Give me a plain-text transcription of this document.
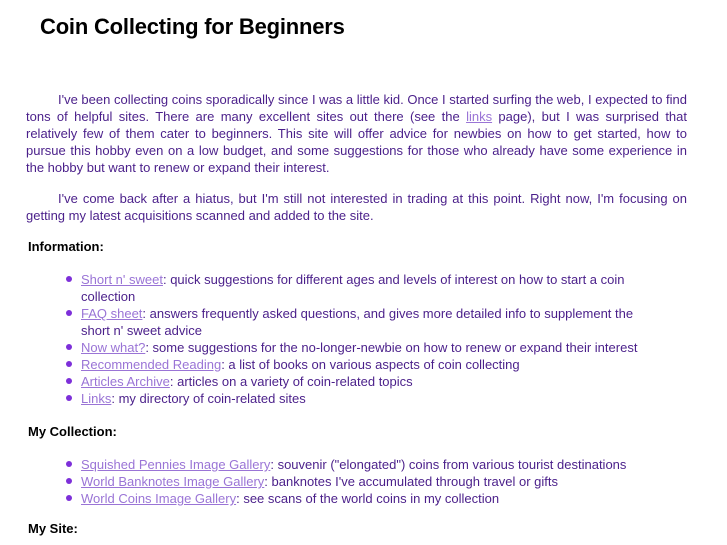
Coin Collecting for Beginners

I've been collecting coins sporadically since I was a little kid. Once I started surfing the web, I expected to find tons of helpful sites. There are many excellent sites out there (see the links page), but I was surprised that relatively few of them cater to beginners. This site will offer advice for newbies on how to get started, how to pursue this hobby even on a low budget, and some suggestions for those who already have some experience in the hobby but want to renew or expand their interest.

I've come back after a hiatus, but I'm still not interested in trading at this point. Right now, I'm focusing on getting my latest acquisitions scanned and added to the site.

Information:
Short n' sweet: quick suggestions for different ages and levels of interest on how to start a coin collection
FAQ sheet: answers frequently asked questions, and gives more detailed info to supplement the short n' sweet advice
Now what?: some suggestions for the no-longer-newbie on how to renew or expand their interest
Recommended Reading: a list of books on various aspects of coin collecting
Articles Archive: articles on a variety of coin-related topics
Links: my directory of coin-related sites
My Collection:
Squished Pennies Image Gallery: souvenir ("elongated") coins from various tourist destinations
World Banknotes Image Gallery: banknotes I've accumulated through travel or gifts
World Coins Image Gallery: see scans of the world coins in my collection
My Site:
